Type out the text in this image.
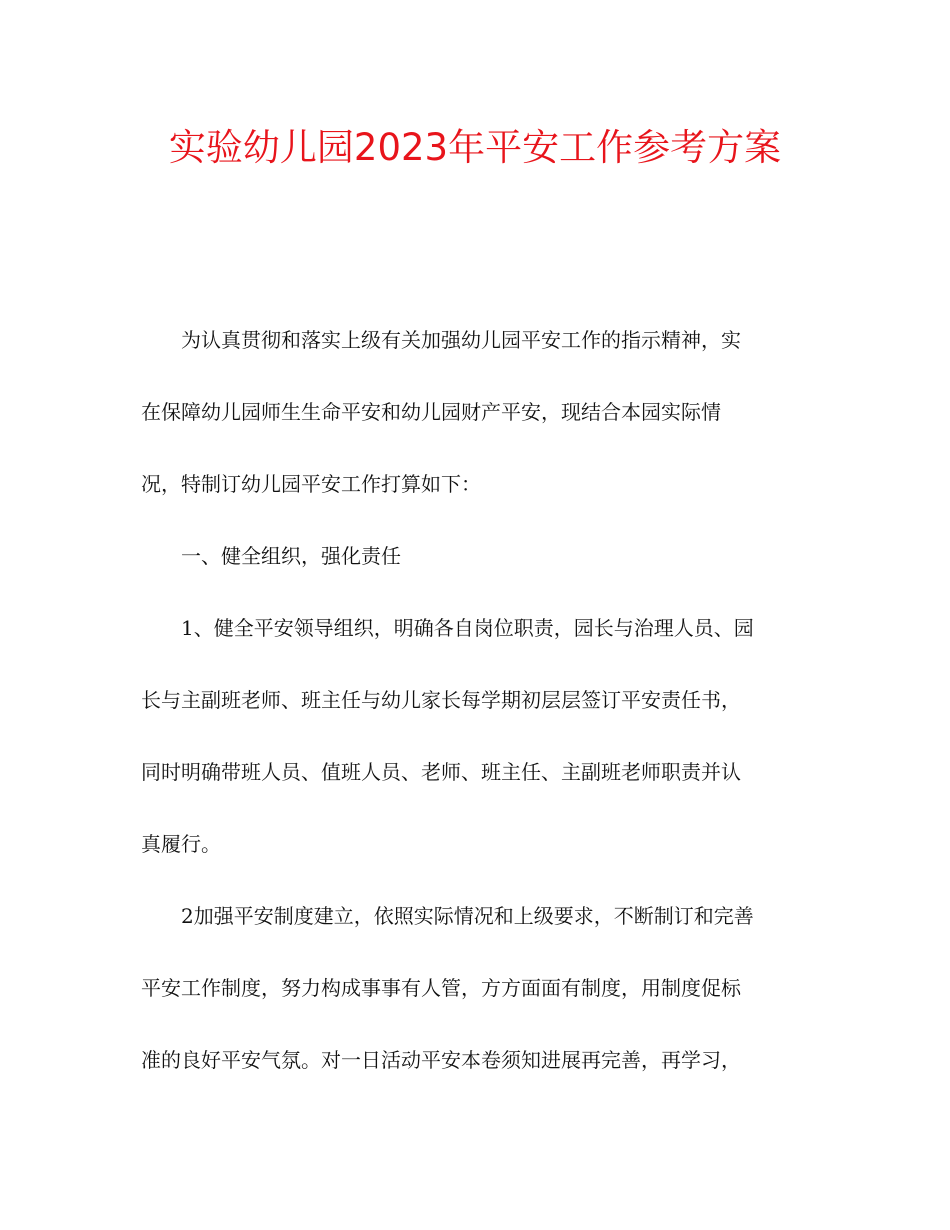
实验幼儿园2023年平安工作参考方案
为认真贯彻和落实上级有关加强幼儿园平安工作的指示精神，实
在保障幼儿园师生生命平安和幼儿园财产平安，现结合本园实际情
况，特制订幼儿园平安工作打算如下：
一、健全组织，强化责任
1、健全平安领导组织，明确各自岗位职责，园长与治理人员、园
长与主副班老师、班主任与幼儿家长每学期初层层签订平安责任书，
同时明确带班人员、值班人员、老师、班主任、主副班老师职责并认
真履行。
2加强平安制度建立，依照实际情况和上级要求，不断制订和完善
平安工作制度，努力构成事事有人管，方方面面有制度，用制度促标
准的良好平安气氛。对一日活动平安本卷须知进展再完善，再学习，
